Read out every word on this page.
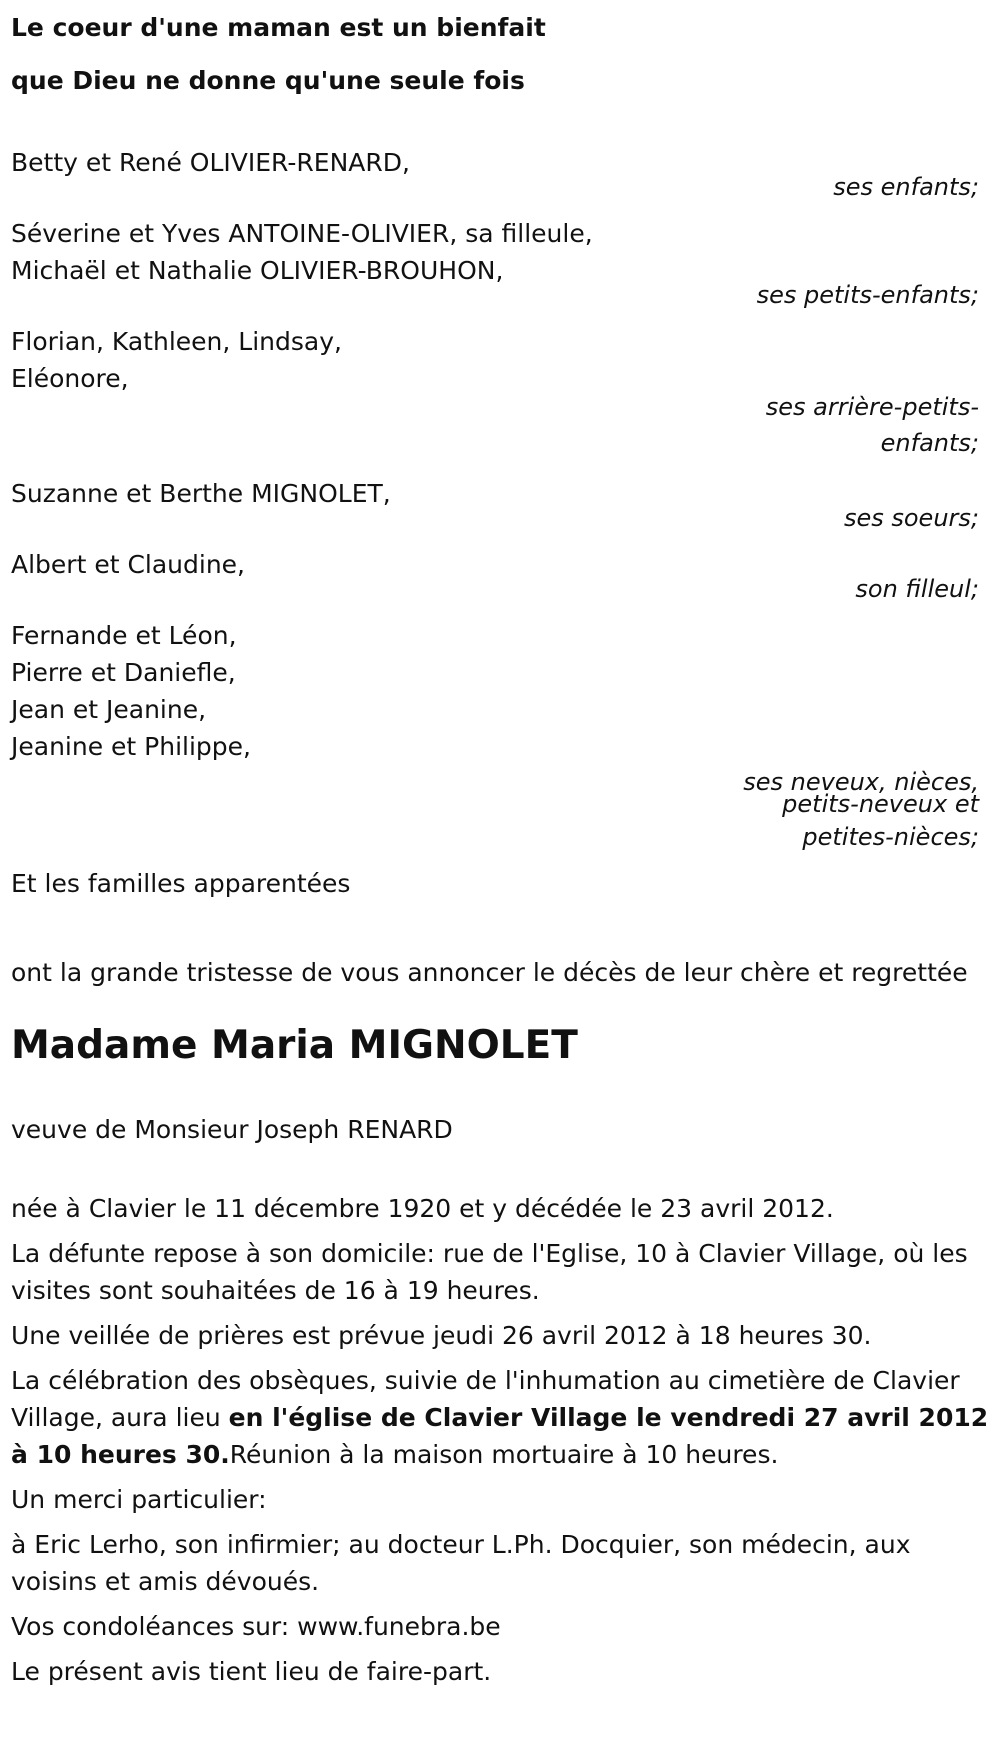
Le coeur d'une maman est un bienfait

que Dieu ne donne qu'une seule fois

Betty et René OLIVIER-RENARD,

ses enfants;

Séverine et Yves ANTOINE-OLIVIER, sa filleule,

Michaël et Nathalie OLIVIER-BROUHON,

ses petits-enfants;

Florian, Kathleen, Lindsay,

Eléonore,

ses arrière-petits-

enfants;

Suzanne et Berthe MIGNOLET,

ses soeurs;

Albert et Claudine,

son filleul;

Fernande et Léon,

Pierre et Daniefle,

Jean et Jeanine,

Jeanine et Philippe,

ses neveux, nièces,

petits-neveux et

petites-nièces;

Et les familles apparentées

ont la grande tristesse de vous annoncer le décès de leur chère et regrettée

Madame Maria MIGNOLET

veuve de Monsieur Joseph RENARD

née à Clavier le 11 décembre 1920 et y décédée le 23 avril 2012.

La défunte repose à son domicile: rue de l'Eglise, 10 à Clavier Village, où les visites sont souhaitées de 16 à 19 heures.

Une veillée de prières est prévue jeudi 26 avril 2012 à 18 heures 30.

La célébration des obsèques, suivie de l'inhumation au cimetière de Clavier Village, aura lieu en l'église de Clavier Village le vendredi 27 avril 2012 à 10 heures 30.Réunion à la maison mortuaire à 10 heures.

Un merci particulier:

à Eric Lerho, son infirmier; au docteur L.Ph. Docquier, son médecin, aux voisins et amis dévoués.

Vos condoléances sur: www.funebra.be

Le présent avis tient lieu de faire-part.
